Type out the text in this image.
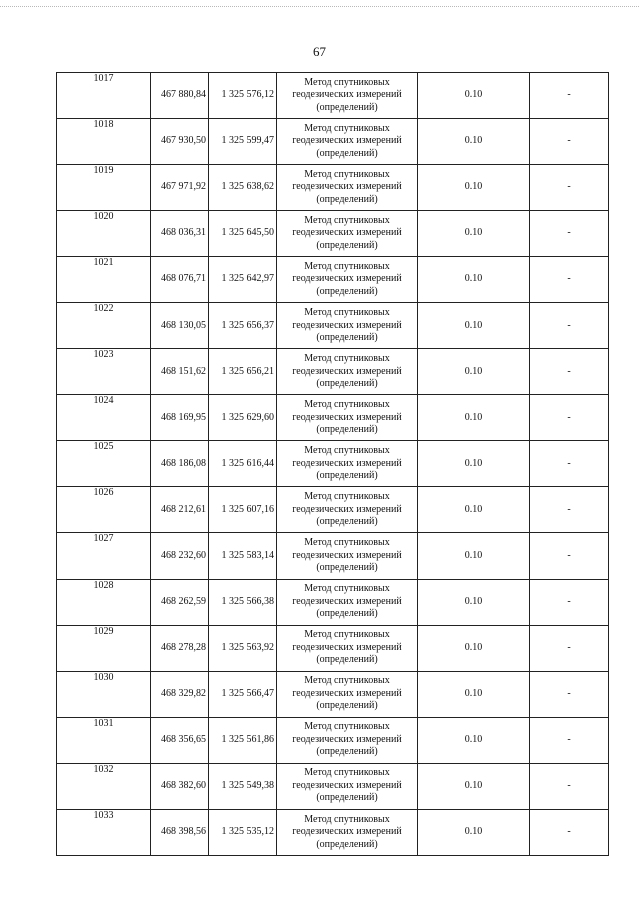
67
1017	467 880,84	1 325 576,12	Метод спутниковых
геодезических измерений
(определений)	0.10	-
1018	467 930,50	1 325 599,47	Метод спутниковых
геодезических измерений
(определений)	0.10	-
1019	467 971,92	1 325 638,62	Метод спутниковых
геодезических измерений
(определений)	0.10	-
1020	468 036,31	1 325 645,50	Метод спутниковых
геодезических измерений
(определений)	0.10	-
1021	468 076,71	1 325 642,97	Метод спутниковых
геодезических измерений
(определений)	0.10	-
1022	468 130,05	1 325 656,37	Метод спутниковых
геодезических измерений
(определений)	0.10	-
1023	468 151,62	1 325 656,21	Метод спутниковых
геодезических измерений
(определений)	0.10	-
1024	468 169,95	1 325 629,60	Метод спутниковых
геодезических измерений
(определений)	0.10	-
1025	468 186,08	1 325 616,44	Метод спутниковых
геодезических измерений
(определений)	0.10	-
1026	468 212,61	1 325 607,16	Метод спутниковых
геодезических измерений
(определений)	0.10	-
1027	468 232,60	1 325 583,14	Метод спутниковых
геодезических измерений
(определений)	0.10	-
1028	468 262,59	1 325 566,38	Метод спутниковых
геодезических измерений
(определений)	0.10	-
1029	468 278,28	1 325 563,92	Метод спутниковых
геодезических измерений
(определений)	0.10	-
1030	468 329,82	1 325 566,47	Метод спутниковых
геодезических измерений
(определений)	0.10	-
1031	468 356,65	1 325 561,86	Метод спутниковых
геодезических измерений
(определений)	0.10	-
1032	468 382,60	1 325 549,38	Метод спутниковых
геодезических измерений
(определений)	0.10	-
1033	468 398,56	1 325 535,12	Метод спутниковых
геодезических измерений
(определений)	0.10	-
